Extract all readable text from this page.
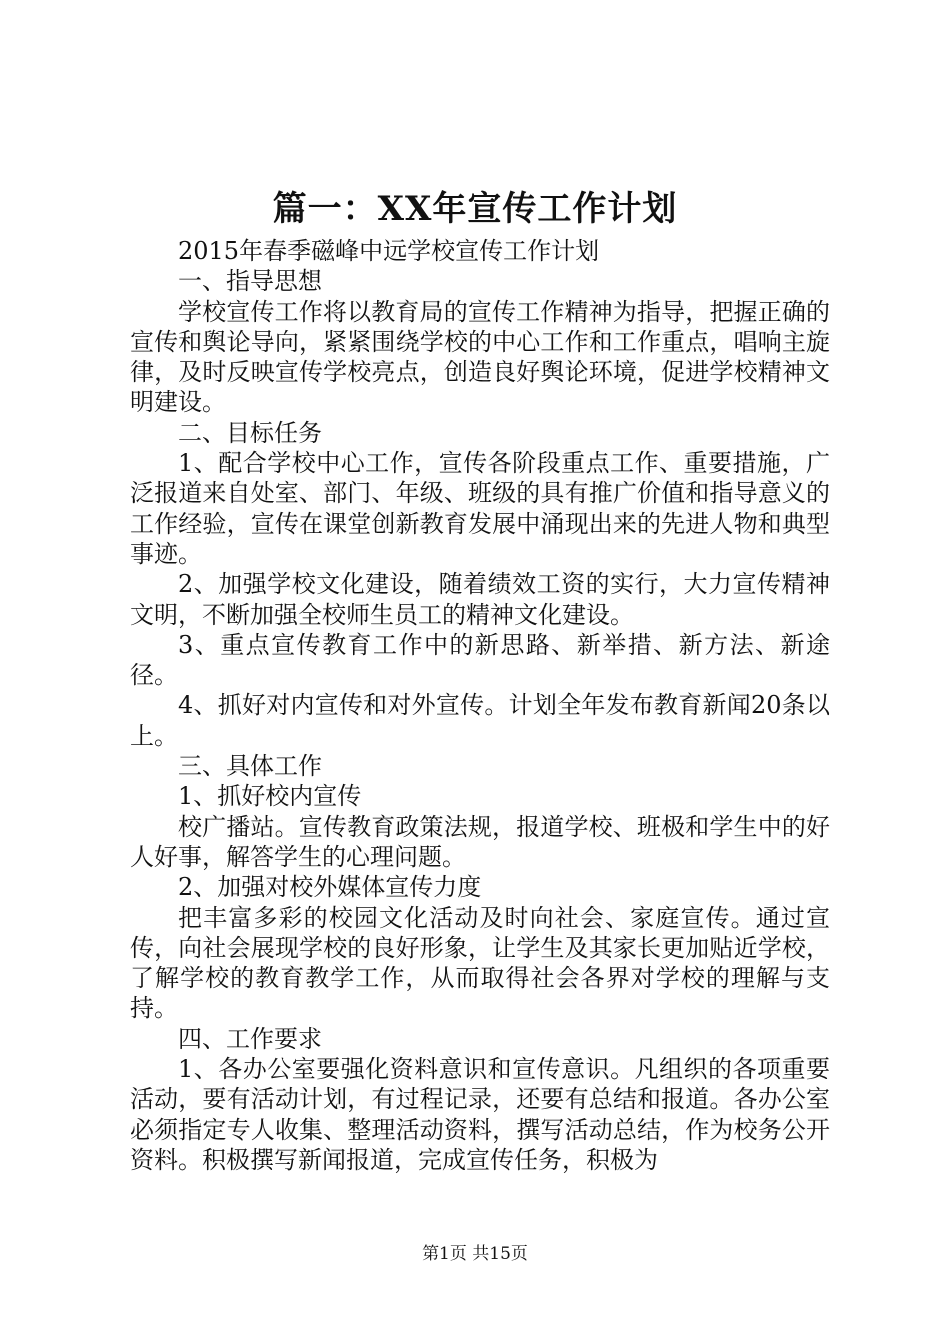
篇一：XX年宣传工作计划

2015年春季磁峰中远学校宣传工作计划

一、指导思想

学校宣传工作将以教育局的宣传工作精神为指导，把握正确的宣传和舆论导向，紧紧围绕学校的中心工作和工作重点，唱响主旋律，及时反映宣传学校亮点，创造良好舆论环境，促进学校精神文明建设。

二、目标任务

1、配合学校中心工作，宣传各阶段重点工作、重要措施，广泛报道来自处室、部门、年级、班级的具有推广价值和指导意义的工作经验，宣传在课堂创新教育发展中涌现出来的先进人物和典型事迹。

2、加强学校文化建设，随着绩效工资的实行，大力宣传精神文明，不断加强全校师生员工的精神文化建设。

3、重点宣传教育工作中的新思路、新举措、新方法、新途径。

4、抓好对内宣传和对外宣传。计划全年发布教育新闻20条以上。

三、具体工作

1、抓好校内宣传

校广播站。宣传教育政策法规，报道学校、班极和学生中的好人好事，解答学生的心理问题。

2、加强对校外媒体宣传力度

把丰富多彩的校园文化活动及时向社会、家庭宣传。通过宣传，向社会展现学校的良好形象，让学生及其家长更加贴近学校，了解学校的教育教学工作，从而取得社会各界对学校的理解与支持。

四、工作要求

1、各办公室要强化资料意识和宣传意识。凡组织的各项重要活动，要有活动计划，有过程记录，还要有总结和报道。各办公室必须指定专人收集、整理活动资料，撰写活动总结，作为校务公开资料。积极撰写新闻报道，完成宣传任务，积极为

第1页 共15页
